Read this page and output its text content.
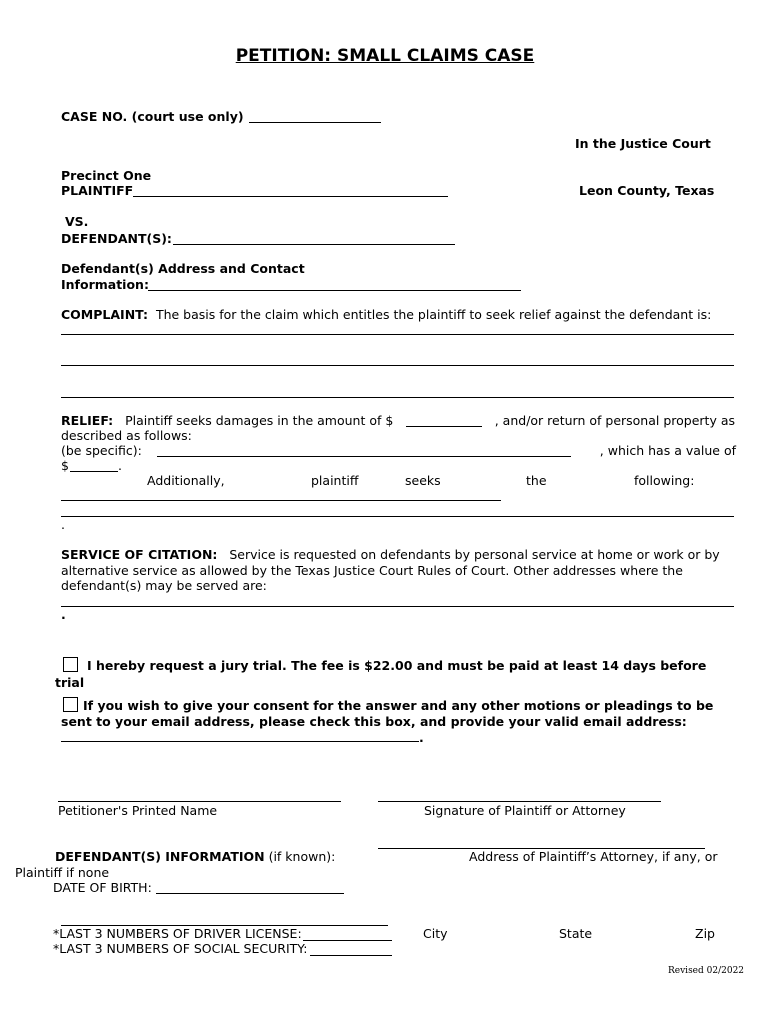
PETITION: SMALL CLAIMS CASE
CASE NO. (court use only)
In the Justice Court
Precinct One
PLAINTIFF	Leon County, Texas
VS.
DEFENDANT(S):
Defendant(s) Address and Contact
Information:
COMPLAINT: The basis for the claim which entitles the plaintiff to seek relief against the defendant is:
RELIEF: Plaintiff seeks damages in the amount of $	, and/or return of personal property as
described as follows:
(be specific):	, which has a value of
$	.
Additionally,	plaintiff	seeks	the	following:
.
SERVICE OF CITATION: Service is requested on defendants by personal service at home or work or by
alternative service as allowed by the Texas Justice Court Rules of Court. Other addresses where the
defendant(s) may be served are:
.
I hereby request a jury trial. The fee is $22.00 and must be paid at least 14 days before
trial
If you wish to give your consent for the answer and any other motions or pleadings to be
sent to your email address, please check this box, and provide your valid email address:
.
Petitioner's Printed Name	Signature of Plaintiff or Attorney
DEFENDANT(S) INFORMATION (if known):	Address of Plaintiff’s Attorney, if any, or
Plaintiff if none
DATE OF BIRTH:
*LAST 3 NUMBERS OF DRIVER LICENSE:
*LAST 3 NUMBERS OF SOCIAL SECURITY:
City	State	Zip
Revised 02/2022
